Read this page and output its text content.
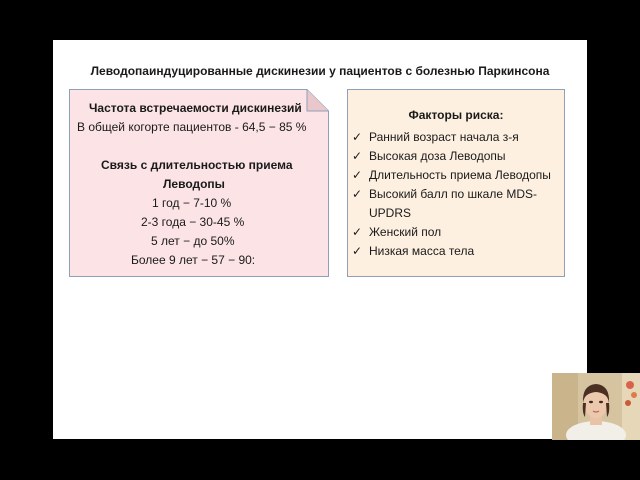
Леводопаиндуцированные дискинезии у пациентов с болезнью Паркинсона
Частота встречаемости дискинезий
В общей когорте пациентов - 64,5 − 85 %
Связь с длительностью приема
Леводопы
1 год − 7-10 %
2-3 года − 30-45 %
5 лет − до 50%
Более 9 лет − 57 − 90:
Факторы риска:
✓ Ранний возраст начала з-я
✓ Высокая доза Леводопы
✓ Длительность приема Леводопы
✓ Высокий балл по шкале MDS-
UPDRS
✓ Женский пол
✓ Низкая масса тела
